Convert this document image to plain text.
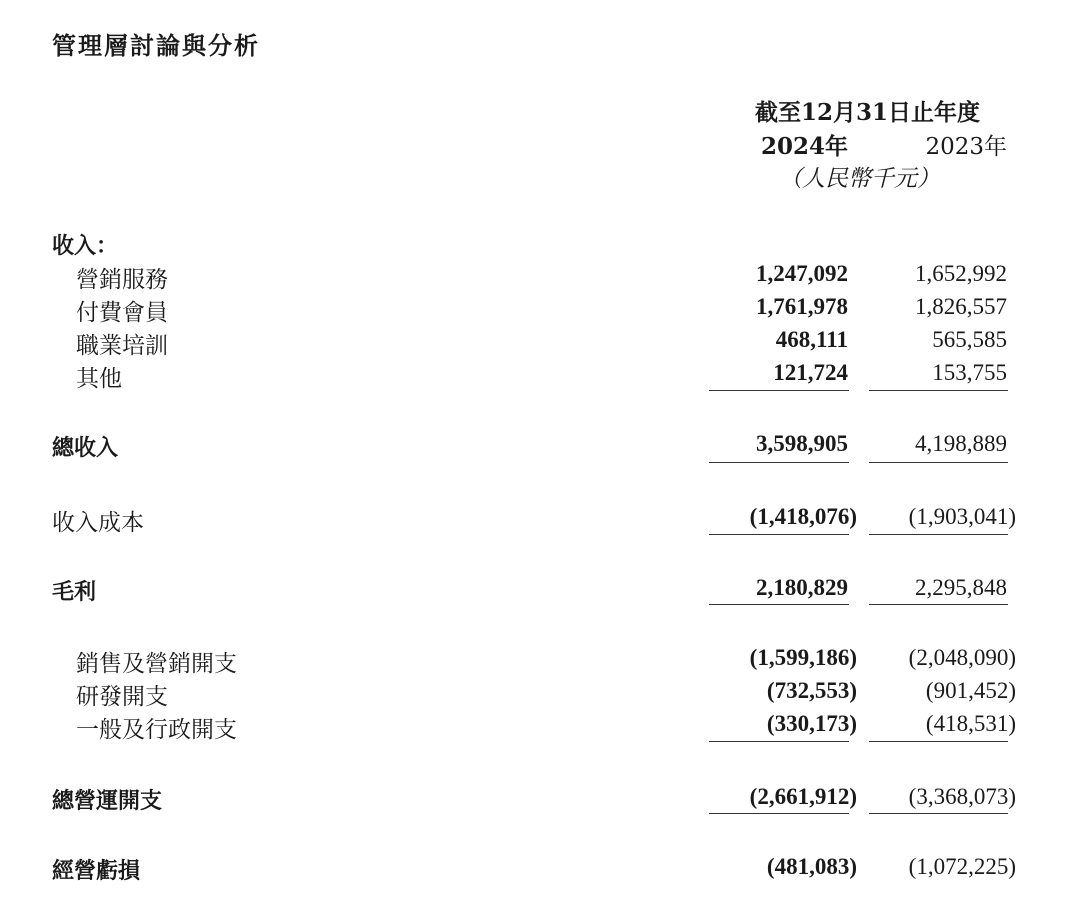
管理層討論與分析
截至12月31日止年度
2024年	2023年
（人民幣千元）
收入：
營銷服務	1,247,092	1,652,992
付費會員	1,761,978	1,826,557
職業培訓	468,111	565,585
其他	121,724	153,755
總收入	3,598,905	4,198,889
收入成本	(1,418,076) (1,903,041)
毛利	2,180,829	2,295,848
銷售及營銷開支	(1,599,186) (2,048,090)
研發開支	(732,553)	(901,452)
一般及行政開支	(330,173)	(418,531)
總營運開支	(2,661,912) (3,368,073)
經營虧損	(481,083) (1,072,225)
